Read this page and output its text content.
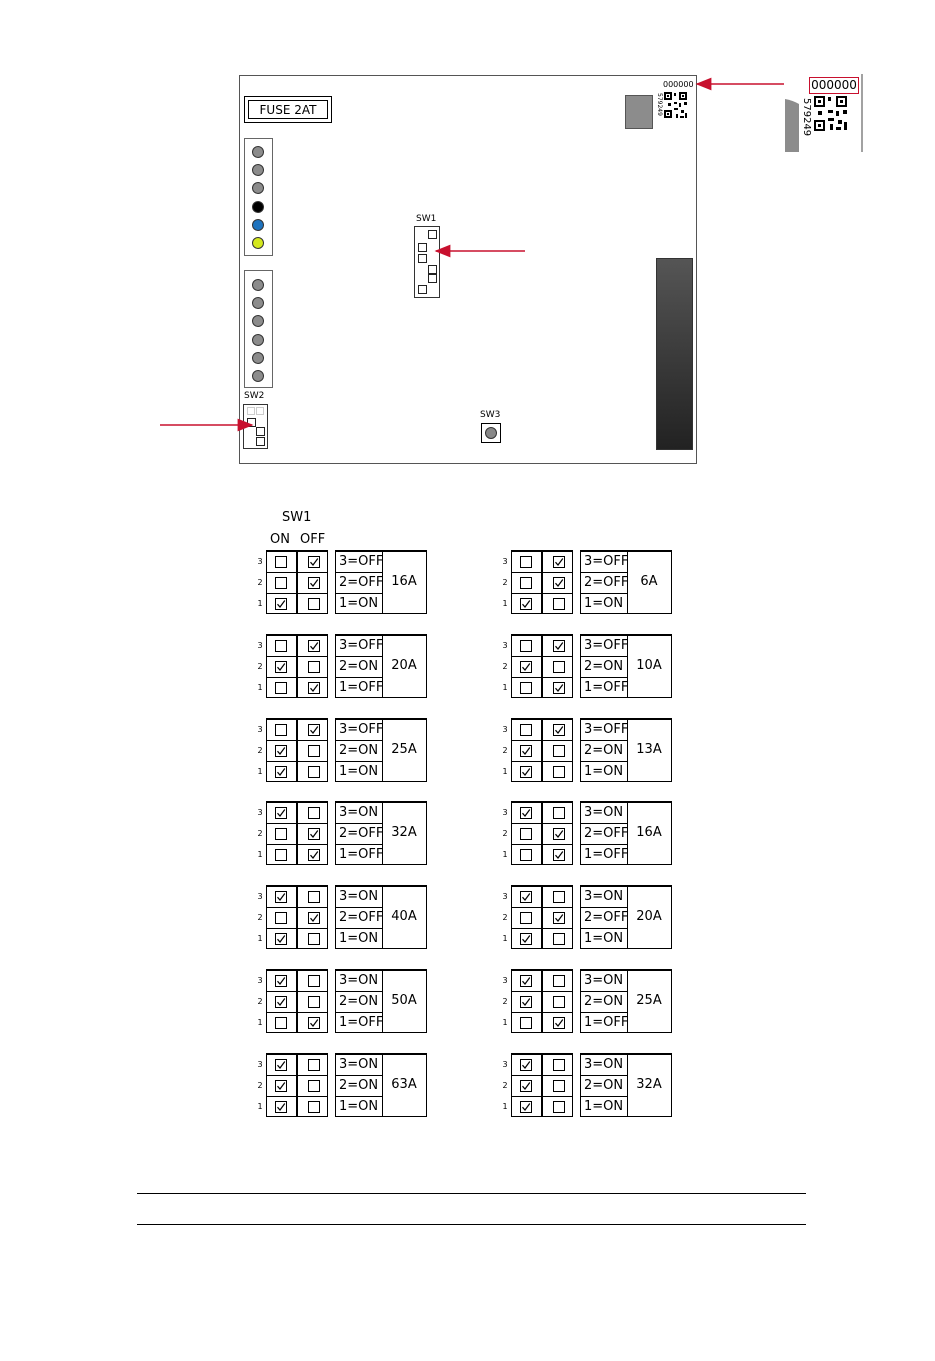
FUSE 2AT
000000
579249
SW1
SW2
SW3
579249
000000
SW1
ON OFF
3
2
1
3=OFF
2=OFF
1=ON
16A
3
2
1
3=OFF
2=ON
1=OFF
20A
3
2
1
3=OFF
2=ON
1=ON
25A
3
2
1
3=ON
2=OFF
1=OFF
32A
3
2
1
3=ON
2=OFF
1=ON
40A
3
2
1
3=ON
2=ON
1=OFF
50A
3
2
1
3=ON
2=ON
1=ON
63A
3
2
1
3=OFF
2=OFF
1=ON
6A
3
2
1
3=OFF
2=ON
1=OFF
10A
3
2
1
3=OFF
2=ON
1=ON
13A
3
2
1
3=ON
2=OFF
1=OFF
16A
3
2
1
3=ON
2=OFF
1=ON
20A
3
2
1
3=ON
2=ON
1=OFF
25A
3
2
1
3=ON
2=ON
1=ON
32A
